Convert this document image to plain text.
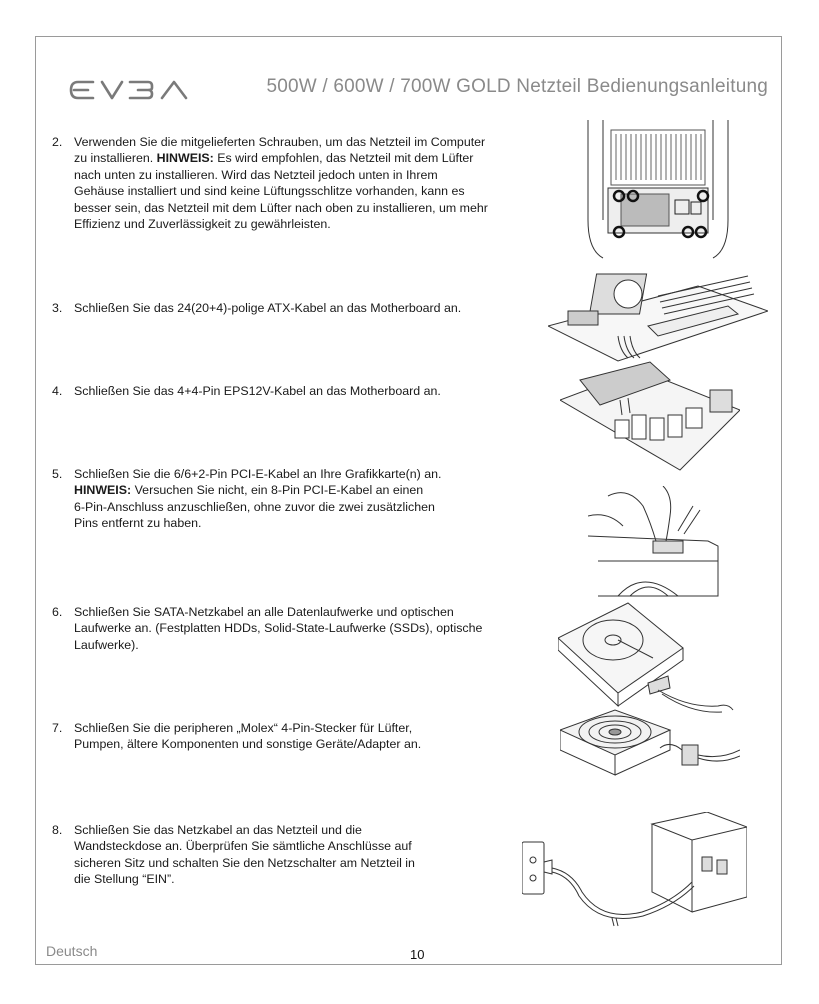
500W / 600W / 700W GOLD Netzteil Bedienungsanleitung
2. Verwenden Sie die mitgelieferten Schrauben, um das Netzteil im Computer

zu installieren. HINWEIS: Es wird empfohlen, das Netzteil mit dem Lüfter

nach unten zu installieren. Wird das Netzteil jedoch unten in Ihrem

Gehäuse installiert und sind keine Lüftungsschlitze vorhanden, kann es

besser sein, das Netzteil mit dem Lüfter nach oben zu installieren, um mehr

Effizienz und Zuverlässigkeit zu gewährleisten.

3. Schließen Sie das 24(20+4)-polige ATX-Kabel an das Motherboard an.

4. Schließen Sie das 4+4-Pin EPS12V-Kabel an das Motherboard an.

5. Schließen Sie die 6/6+2-Pin PCI-E-Kabel an Ihre Grafikkarte(n) an.

HINWEIS: Versuchen Sie nicht, ein 8-Pin PCI-E-Kabel an einen

6-Pin-Anschluss anzuschließen, ohne zuvor die zwei zusätzlichen

Pins entfernt zu haben.

6. Schließen Sie SATA-Netzkabel an alle Datenlaufwerke und optischen

Laufwerke an. (Festplatten HDDs, Solid-State-Laufwerke (SSDs), optische

Laufwerke).

7. Schließen Sie die peripheren „Molex“ 4-Pin-Stecker für Lüfter,

Pumpen, ältere Komponenten und sonstige Geräte/Adapter an.

8. Schließen Sie das Netzkabel an das Netzteil und die

Wandsteckdose an. Überprüfen Sie sämtliche Anschlüsse auf

sicheren Sitz und schalten Sie den Netzschalter am Netzteil in

die Stellung “EIN”.

Deutsch	10
